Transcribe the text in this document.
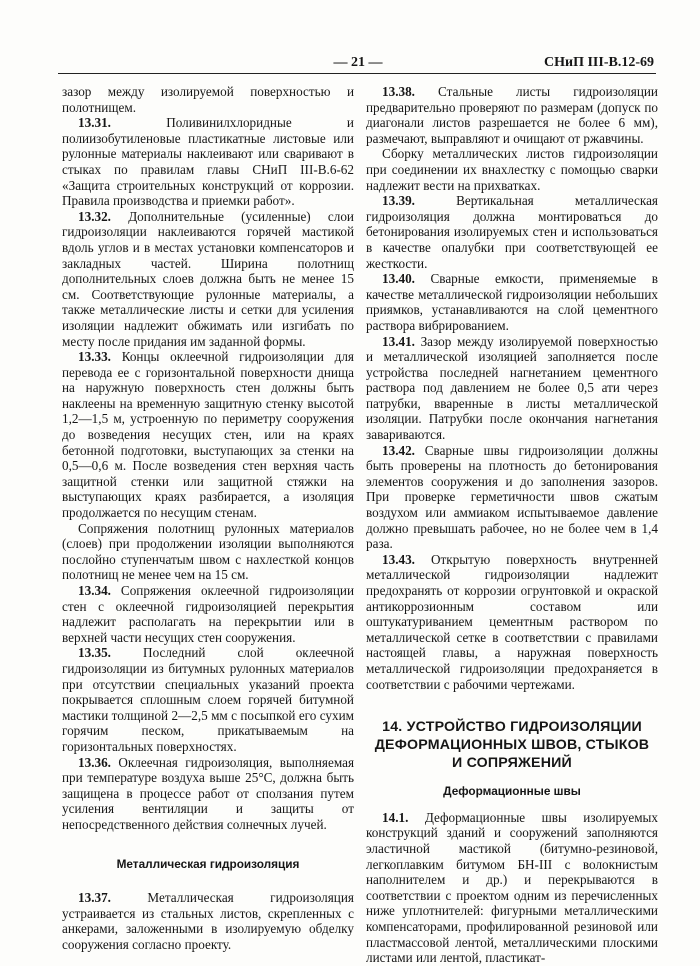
— 21 —	СНиП III-В.12-69

зазор между изолируемой поверхностью и полотнищем.

13.31.	Поливинилхлоридные и полиизобутиленовые пластикатные листовые или рулонные материалы наклеивают или сваривают в стыках по правилам главы СНиП III-В.6-62 «Защита строительных конструкций от коррозии. Правила производства и приемки работ».

13.32. Дополнительные (усиленные) слои гидроизоляции наклеиваются горячей мастикой вдоль углов и в местах установки компенсаторов и закладных частей. Ширина полотнищ дополнительных слоев должна быть не менее 15 см. Соответствующие рулонные материалы, а также металлические листы и сетки для усиления изоляции надлежит обжимать или изгибать по месту после придания им заданной формы.

13.33. Концы оклеечной гидроизоляции для перевода ее с горизонтальной поверхности днища на наружную поверхность стен должны быть наклеены на временную защитную стенку высотой 1,2—1,5 м, устроенную по периметру сооружения до возведения несущих стен, или на краях бетонной подготовки, выступающих за стенки на 0,5—0,6 м. После возведения стен верхняя часть защитной стенки или защитной стяжки на выступающих краях разбирается, а изоляция продолжается по несущим стенам.

Сопряжения полотнищ рулонных материалов (слоев) при продолжении изоляции выполняются послойно ступенчатым швом с нахлесткой концов полотнищ не менее чем на 15 см.

13.34. Сопряжения оклеечной гидроизоляции стен с оклеечной гидроизоляцией перекрытия надлежит располагать на перекрытии или в верхней части несущих стен сооружения.

13.35. Последний слой оклеечной гидроизоляции из битумных рулонных материалов при отсутствии специальных указаний проекта покрывается сплошным слоем горячей битумной мастики толщиной 2—2,5 мм с посыпкой его сухим горячим песком, прикатываемым на горизонтальных поверхностях.

13.36. Оклеечная гидроизоляция, выполняемая при температуре воздуха выше 25°С, должна быть защищена в процессе работ от сползания путем усиления вентиляции и защиты от непосредственного действия солнечных лучей.

Металлическая гидроизоляция

13.37.	Металлическая гидроизоляция устраивается из стальных листов, скрепленных с анкерами, заложенными в изолируемую обделку сооружения согласно проекту.

13.38. Стальные листы гидроизоляции предварительно проверяют по размерам (допуск по диагонали листов разрешается не более 6 мм), размечают, выправляют и очищают от ржавчины.

Сборку металлических листов гидроизоляции при соединении их внахлестку с помощью сварки надлежит вести на прихватках.

13.39.	Вертикальная металлическая гидроизоляция должна монтироваться до бетонирования изолируемых стен и использоваться в качестве опалубки при соответствующей ее жесткости.

13.40. Сварные емкости, применяемые в качестве металлической гидроизоляции небольших приямков, устанавливаются на слой цементного раствора вибрированием.

13.41. Зазор между изолируемой поверхностью и металлической изоляцией заполняется после устройства последней нагнетанием цементного раствора под давлением не более 0,5 ати через патрубки, вваренные в листы металлической изоляции. Патрубки после окончания нагнетания завариваются.

13.42. Сварные швы гидроизоляции должны быть проверены на плотность до бетонирования элементов сооружения и до заполнения зазоров. При проверке герметичности швов сжатым воздухом или аммиаком испытываемое давление должно превышать рабочее, но не более чем в 1,4 раза.

13.43. Открытую поверхность внутренней металлической гидроизоляции надлежит предохранять от коррозии огрунтовкой и окраской антикоррозионным составом или оштукатуриванием цементным раствором по металлической сетке в соответствии с правилами настоящей главы, а наружная поверхность металлической гидроизоляции предохраняется в соответствии с рабочими чертежами.

14. УСТРОЙСТВО ГИДРОИЗОЛЯЦИИ ДЕФОРМАЦИОННЫХ ШВОВ, СТЫКОВ И СОПРЯЖЕНИЙ

Деформационные швы

14.1. Деформационные швы изолируемых конструкций зданий и сооружений заполняются эластичной мастикой (битумно-резиновой, легкоплавким битумом БН-III с волокнистым наполнителем и др.) и перекрываются в соответствии с проектом одним из перечисленных ниже уплотнителей: фигурными металлическими компенсаторами, профилированной резиновой или пластмассовой лентой, металлическими плоскими листами или лентой, пластикат-
